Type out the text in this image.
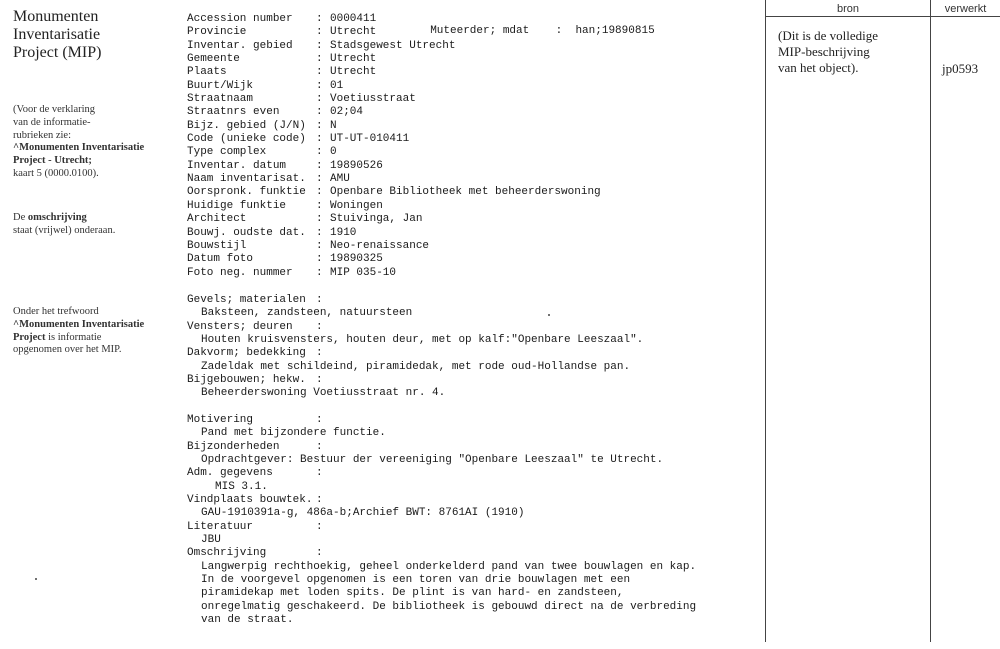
Monumenten
Inventarisatie
Project (MIP)
(Voor de verklaring
van de informatie-
rubrieken zie:
^Monumenten Inventarisatie
Project - Utrecht;
kaart 5 (0000.0100).
De omschrijving
staat (vrijwel) onderaan.
Onder het trefwoord
^Monumenten Inventarisatie
Project is informatie
opgenomen over het MIP.
Accession number	: 0000411
Provincie	: Utrecht
Inventar. gebied	: Stadsgewest Utrecht
Gemeente	: Utrecht
Plaats	: Utrecht
Buurt/Wijk	: 01
Straatnaam	: Voetiusstraat
Straatnrs even	: 02;04
Bijz. gebied (J/N) : N
Code (unieke code) : UT-UT-010411
Type complex	: 0
Inventar. datum	: 19890526
Naam inventarisat. : AMU
Oorspronk. funktie : Openbare Bibliotheek met beheerderswoning
Huidige funktie	: Woningen
Architect	: Stuivinga, Jan
Bouwj. oudste dat. : 1910
Bouwstijl	: Neo-renaissance
Datum foto	: 19890325
Foto neg. nummer	: MIP 035-10

Muteerder; mdat    :  han;19890815

Gevels; materialen :
Baksteen, zandsteen, natuursteen
Vensters; deuren :
Houten kruisvensters, houten deur, met op kalf:"Openbare Leeszaal".
Dakvorm; bedekking :
Zadeldak met schildeind, piramidedak, met rode oud-Hollandse pan.
Bijgebouwen; hekw. :
Beheerderswoning Voetiusstraat nr. 4.
Motivering	:
Pand met bijzondere functie.
Bijzonderheden	:
Opdrachtgever: Bestuur der vereeniging "Openbare Leeszaal" te Utrecht.
Adm. gegevens	:
MIS 3.1.
Vindplaats bouwtek. :
GAU-1910391a-g, 486a-b;Archief BWT: 8761AI (1910)
Literatuur	:
JBU
Omschrijving	:
Langwerpig rechthoekig, geheel onderkelderd pand van twee bouwlagen en kap.
In de voorgevel opgenomen is een toren van drie bouwlagen met een
piramidekap met loden spits. De plint is van hard- en zandsteen,
onregelmatig geschakeerd. De bibliotheek is gebouwd direct na de verbreding
van de straat.
bron	verwerkt
(Dit is de volledige
MIP-beschrijving
van het object).	jp0593
